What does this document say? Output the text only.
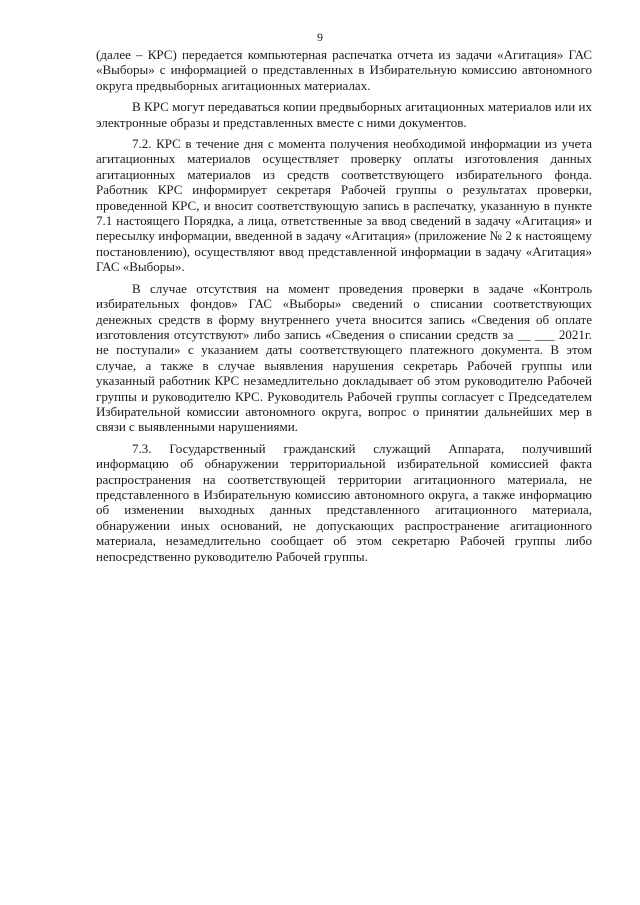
9

(далее – КРС) передается компьютерная распечатка отчета из задачи «Агитация» ГАС «Выборы» с информацией о представленных в Избирательную комиссию автономного округа предвыборных агитационных материалах.

В КРС могут передаваться копии предвыборных агитационных материалов или их электронные образы и представленных вместе с ними документов.

7.2. КРС в течение дня с момента получения необходимой информации из учета агитационных материалов осуществляет проверку оплаты изготовления данных агитационных материалов из средств соответствующего избирательного фонда. Работник КРС информирует секретаря Рабочей группы о результатах проверки, проведенной КРС, и вносит соответствующую запись в распечатку, указанную в пункте 7.1 настоящего Порядка, а лица, ответственные за ввод сведений в задачу «Агитация» и пересылку информации, введенной в задачу «Агитация» (приложение № 2 к настоящему постановлению), осуществляют ввод представленной информации в задачу «Агитация» ГАС «Выборы».

В случае отсутствия на момент проведения проверки в задаче «Контроль избирательных фондов» ГАС «Выборы» сведений о списании соответствующих денежных средств в форму внутреннего учета вносится запись «Сведения об оплате изготовления отсутствуют» либо запись «Сведения о списании средств за __ ___ 2021г. не поступали» с указанием даты соответствующего платежного документа. В этом случае, а также в случае выявления нарушения секретарь Рабочей группы или указанный работник КРС незамедлительно докладывает об этом руководителю Рабочей группы и руководителю КРС. Руководитель Рабочей группы согласует с Председателем Избирательной комиссии автономного округа, вопрос о принятии дальнейших мер в связи с выявленными нарушениями.

7.3. Государственный гражданский служащий Аппарата, получивший информацию об обнаружении территориальной избирательной комиссией факта распространения на соответствующей территории агитационного материала, не представленного в Избирательную комиссию автономного округа, а также информацию об изменении выходных данных представленного агитационного материала, обнаружении иных оснований, не допускающих распространение агитационного материала, незамедлительно сообщает об этом секретарю Рабочей группы либо непосредственно руководителю Рабочей группы.
